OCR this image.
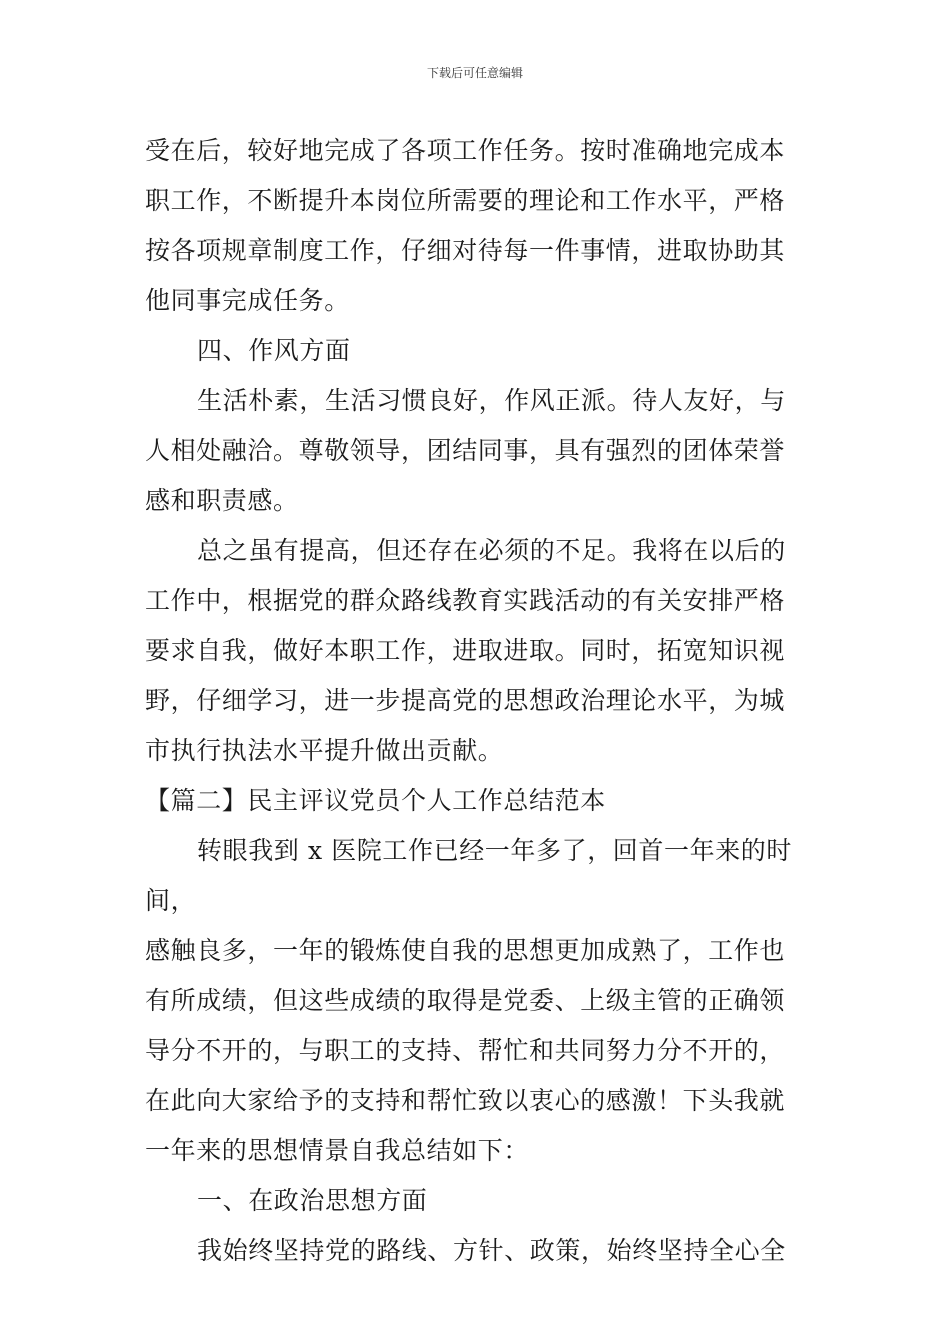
下载后可任意编辑

受在后，较好地完成了各项工作任务。按时准确地完成本

职工作，不断提升本岗位所需要的理论和工作水平，严格

按各项规章制度工作，仔细对待每一件事情，进取协助其

他同事完成任务。

四、作风方面

生活朴素，生活习惯良好，作风正派。待人友好，与

人相处融洽。尊敬领导，团结同事，具有强烈的团体荣誉

感和职责感。

总之虽有提高，但还存在必须的不足。我将在以后的

工作中，根据党的群众路线教育实践活动的有关安排严格

要求自我，做好本职工作，进取进取。同时，拓宽知识视

野，仔细学习，进一步提高党的思想政治理论水平，为城

市执行执法水平提升做出贡献。

【篇二】民主评议党员个人工作总结范本

转眼我到 x 医院工作已经一年多了，回首一年来的时间，

感触良多，一年的锻炼使自我的思想更加成熟了，工作也

有所成绩，但这些成绩的取得是党委、上级主管的正确领

导分不开的，与职工的支持、帮忙和共同努力分不开的，

在此向大家给予的支持和帮忙致以衷心的感激！下头我就

一年来的思想情景自我总结如下：

一、在政治思想方面

我始终坚持党的路线、方针、政策，始终坚持全心全
